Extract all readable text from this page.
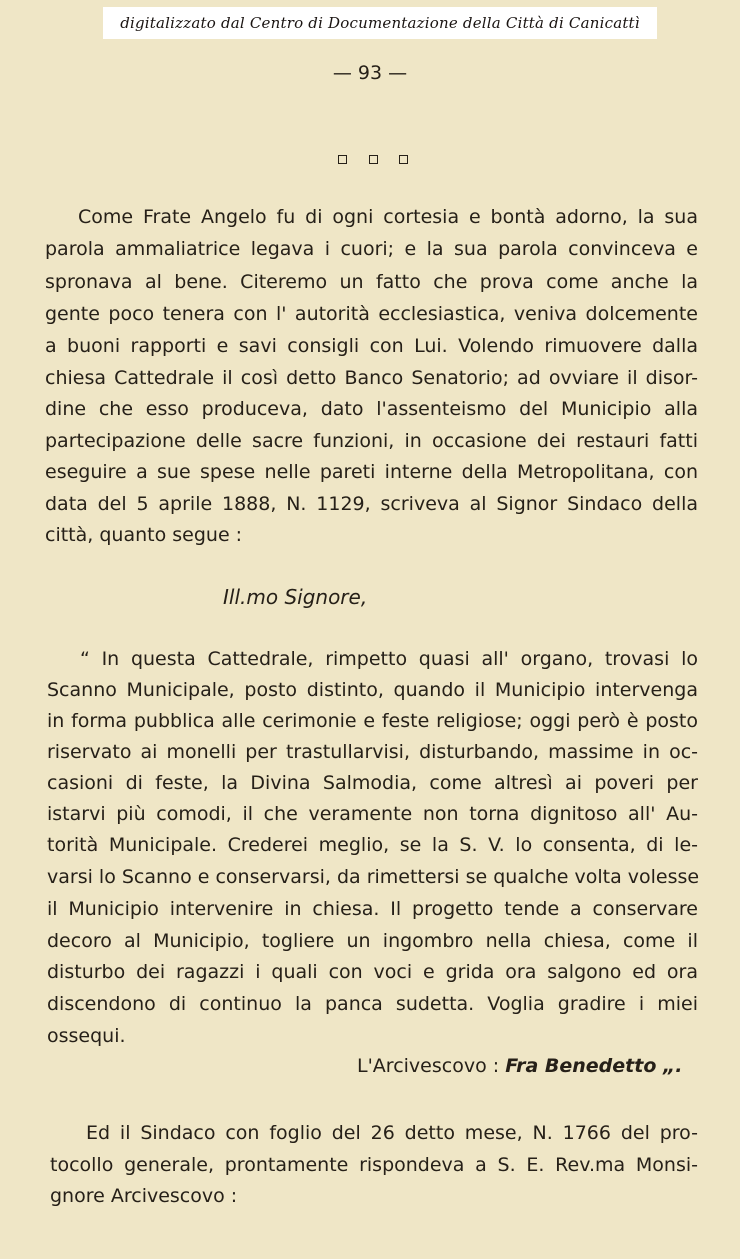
digitalizzato dal Centro di Documentazione della Città di Canicattì
— 93 —
Come Frate Angelo fu di ogni cortesia e bontà adorno, la sua
parola ammaliatrice legava i cuori; e la sua parola convinceva e
spronava al bene. Citeremo un fatto che prova come anche la
gente poco tenera con l' autorità ecclesiastica, veniva dolcemente
a buoni rapporti e savi consigli con Lui. Volendo rimuovere dalla
chiesa Cattedrale il così detto Banco Senatorio; ad ovviare il disor-
dine che esso produceva, dato l'assenteismo del Municipio alla
partecipazione delle sacre funzioni, in occasione dei restauri fatti
eseguire a sue spese nelle pareti interne della Metropolitana, con
data del 5 aprile 1888, N. 1129, scriveva al Signor Sindaco della
città, quanto segue :
Ill.mo Signore,
“ In questa Cattedrale, rimpetto quasi all' organo, trovasi lo
Scanno Municipale, posto distinto, quando il Municipio intervenga
in forma pubblica alle cerimonie e feste religiose; oggi però è posto
riservato ai monelli per trastullarvisi, disturbando, massime in oc-
casioni di feste, la Divina Salmodia, come altresì ai poveri per
istarvi più comodi, il che veramente non torna dignitoso all' Au-
torità Municipale. Crederei meglio, se la S. V. lo consenta, di le-
varsi lo Scanno e conservarsi, da rimettersi se qualche volta volesse
il Municipio intervenire in chiesa. Il progetto tende a conservare
decoro al Municipio, togliere un ingombro nella chiesa, come il
disturbo dei ragazzi i quali con voci e grida ora salgono ed ora
discendono di continuo la panca sudetta. Voglia gradire i miei
ossequi.
L'Arcivescovo : Fra Benedetto „.
Ed il Sindaco con foglio del 26 detto mese, N. 1766 del pro-
tocollo generale, prontamente rispondeva a S. E. Rev.ma Monsi-
gnore Arcivescovo :
